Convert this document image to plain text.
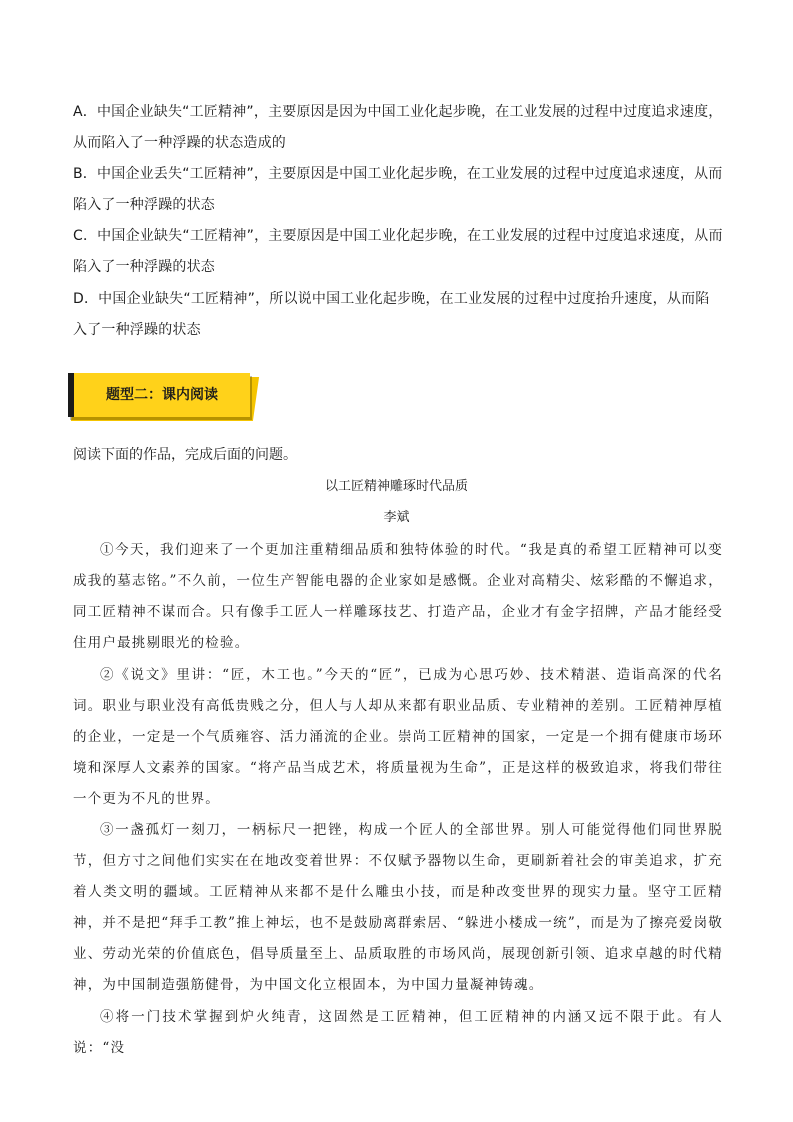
A．中国企业缺失“工匠精神”，主要原因是因为中国工业化起步晚，在工业发展的过程中过度追求速度，从而陷入了一种浮躁的状态造成的

B．中国企业丢失“工匠精神”，主要原因是中国工业化起步晚，在工业发展的过程中过度追求速度，从而陷入了一种浮躁的状态

C．中国企业缺失“工匠精神”，主要原因是中国工业化起步晚，在工业发展的过程中过度追求速度，从而陷入了一种浮躁的状态

D．中国企业缺失“工匠精神”，所以说中国工业化起步晚，在工业发展的过程中过度抬升速度，从而陷入了一种浮躁的状态

题型二：课内阅读

阅读下面的作品，完成后面的问题。

以工匠精神雕琢时代品质
李斌

①今天，我们迎来了一个更加注重精细品质和独特体验的时代。“我是真的希望工匠精神可以变成我的墓志铭。”不久前，一位生产智能电器的企业家如是感慨。企业对高精尖、炫彩酷的不懈追求，同工匠精神不谋而合。只有像手工匠人一样雕琢技艺、打造产品，企业才有金字招牌，产品才能经受住用户最挑剔眼光的检验。

②《说文》里讲：“匠，木工也。”今天的“匠”，已成为心思巧妙、技术精湛、造诣高深的代名词。职业与职业没有高低贵贱之分，但人与人却从来都有职业品质、专业精神的差别。工匠精神厚植的企业，一定是一个气质雍容、活力涌流的企业。崇尚工匠精神的国家，一定是一个拥有健康市场环境和深厚人文素养的国家。“将产品当成艺术，将质量视为生命”，正是这样的极致追求，将我们带往一个更为不凡的世界。

③一盏孤灯一刻刀，一柄标尺一把锉，构成一个匠人的全部世界。别人可能觉得他们同世界脱节，但方寸之间他们实实在在地改变着世界：不仅赋予器物以生命，更刷新着社会的审美追求，扩充着人类文明的疆域。工匠精神从来都不是什么雕虫小技，而是种改变世界的现实力量。坚守工匠精神，并不是把“拜手工教”推上神坛，也不是鼓励离群索居、“躲进小楼成一统”，而是为了擦亮爱岗敬业、劳动光荣的价值底色，倡导质量至上、品质取胜的市场风尚，展现创新引领、追求卓越的时代精神，为中国制造强筋健骨，为中国文化立根固本，为中国力量凝神铸魂。

④将一门技术掌握到炉火纯青，这固然是工匠精神，但工匠精神的内涵又远不限于此。有人说：“没
